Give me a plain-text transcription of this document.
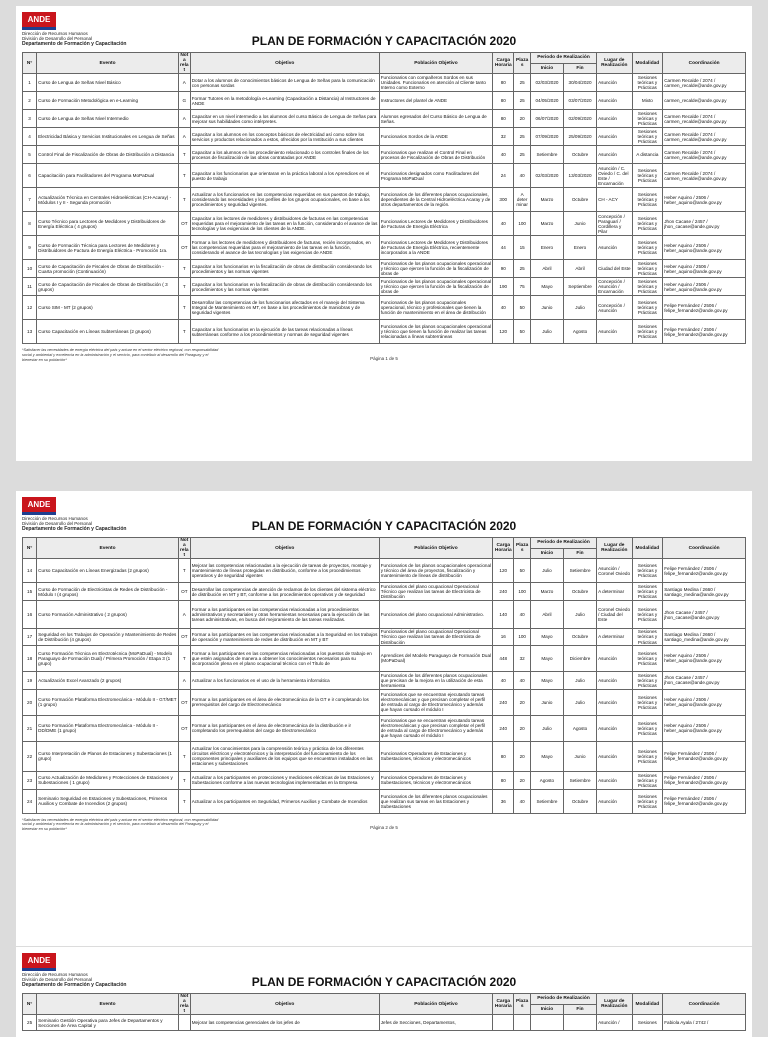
ANDE
Dirección de Recursos Humanos
División de Desarrollo del Personal
Departamento de Formación y Capacitación	PLAN DE FORMACIÓN Y CAPACITACIÓN 2020
N°	Evento	Nota relat	Objetivo	Población Objetivo	Carga Horaria	Plazas	Periodo de Realización		Lugar de Realización	Modalidad	Coordinación
							Inicio	Fin			
1	Curso de Lengua de Señas Nivel Básico	A	Dotar a los alumnos de conocimientos básicos de Lengua de Señas para la comunicación con personas sordas	Funcionarios con compañeros Sordos en sus Unidades. Funcionarios en atención al Cliente tanto Interno como Externo	80	25	02/03/2020	30/04/2020	Asunción	Sesiones teóricas y Prácticas	Carmen Recalde / 2074 / carmen_recalde@ande.gov.py
2	Curso de Formación Metodológica en e-Learning	G	Formar Tutores en la metodología e-Learning (Capacitación a Distancia) al Instructores de ANDE	Instructores del plantel de ANDE	80	25	04/05/2020	03/07/2020	Asunción	Mixto	carmen_recalde@ande.gov.py
3	Curso de Lengua de Señas Nivel Intermedio	A	Capacitar en un nivel intermedio a los alumnos del curso Básico de Lengua de Señas para mejorar sus habilidades como intérpretes.	Alumnos egresados del Curso Básico de Lengua de Señas.	80	20	06/07/2020	02/09/2020	Asunción	Sesiones teóricas y Prácticas	Carmen Recalde / 2074 / carmen_recalde@ande.gov.py
4	Electricidad Básica y Servicios Institucionales en Lengua de Señas	A	Capacitar a los alumnos en los conceptos básicos de electricidad así como sobre los servicios y productos relacionados a estos, ofrecidos por la Institución a sus clientes	Funcionarios Sordos de la ANDE	32	25	07/09/2020	25/09/2020	Asunción	Sesiones teóricas y Prácticas	Carmen Recalde / 2074 / carmen_recalde@ande.gov.py
5	Control Final de Fiscalización de Obras de Distribución a Distancia	T	Capacitar a los alumnos en los procedimiento relacionado o los controles finales de los procesos de fiscalización de las obras contratadas por ANDE	Funcionarios que realizan el Control Final en procesos de Fiscalización de Obras de Distribución	40	25	Setiembre	Octubre	Asunción	A distancia	Carmen Recalde / 2074 / carmen_recalde@ande.gov.py
6	Capacitación para Facilitadores del Programa MoPaDual	T	Capacitar a los funcionarios que orientaran en la práctica laboral a los Aprendices en el puesto de trabajo	Funcionarios designados como Facilitadores del Programa MoPaDual	24	40	02/03/2020	13/03/2020	Asunción / C. Oviedo / C. del Este / Encarnación	Sesiones teóricas y Prácticas	Carmen Recalde / 2074 / carmen_recalde@ande.gov.py
7	Actualización Técnica en Centrales Hidroeléctricas (CH-Acaray) - Módulos I y II - Segunda promoción	T	Actualizar a los funcionarios en las competencias requeridas en sus puestos de trabajo, considerando las necesidades y los perfiles de los grupos ocupacionales, en base a los procedimientos y seguridad vigentes.	Funcionarios de los diferentes planos ocupacionales, dependientes de la Central Hidroeléctrica Acaray y de otros departamentos de la región.	300	A determinar	Marzo	Octubre	CH - ACY	Sesiones teóricas y Prácticas	Heber Aquino / 2506 / heber_aquino@ande.gov.py
8	Curso Técnico para Lectores de Medidores y Distribuidores de Energía Eléctrica ( 4 grupos)	OT	Capacitar a los lectores de medidores y distribuidores de facturas en las competencias requeridas para el mejoramiento de las tareas en la función, considerando el avance de las tecnologías y las exigencias de los clientes de la ANDE.	Funcionarios Lectores de Medidores y Distribuidores de Facturas de Energía Eléctrica	40	100	Marzo	Junio	Concepción / Paraguarí / Cordillera y Pilar	Sesiones teóricas y Prácticas	Jhon Cacase / 2457 / jhon_cacase@ande.gov.py
9	Curso de Formación Técnica para Lectores de Medidores y Distribuidores de Factura de Energía Eléctrica - Promoción 1ra.	OT	Formar a los lectores de medidores y distribuidores de facturas, recién incorporados, en las competencias requeridas para el mejoramiento de las tareas en la función, considerando el avance de las tecnologías y las exigencias de ANDE	Funcionarios Lectores de Medidores y Distribuidores de Facturas de Energía Eléctrica, recientemente incorporados a la ANDE	44	15	Enero	Enero	Asunción	Sesiones teóricas y Prácticas	Heber Aquino / 2506 / heber_aquino@ande.gov.py
10	Curso de Capacitación de Fiscales de Obras de Distribución - Cuarta promoción (Continuación)	T	Capacitar a los funcionarios en la fiscalización de obras de distribución considerando los procedimientos y las normas vigentes	Funcionarios de los planos ocupacionales operacional y técnico que ejercen la función de la fiscalización de obras de	90	25	Abril	Abril	Ciudad del Este	Sesiones teóricas y Prácticas	Heber Aquino / 2506 / heber_aquino@ande.gov.py
11	Curso de Capacitación de Fiscales de Obras de Distribución ( 3 grupos)	T	Capacitar a los funcionarios en la fiscalización de obras de distribución considerando los procedimientos y las normas vigentes	Funcionarios de los planos ocupacionales operacional y técnico que ejercen la función de la fiscalización de obras de	190	75	Mayo	Septiembre	Concepción / Asunción / Encarnación	Sesiones teóricas y Prácticas	Heber Aquino / 2506 / heber_aquino@ande.gov.py
12	Curso SIM - MT (2 grupos)	T	Desarrollar las competencias de los funcionarios afectados en el manejo del Sistema Integral de Mantenimiento en MT, en base a los procedimientos de maniobras y de seguridad vigentes	Funcionarios de los planos ocupacionales operacional, técnico y profesionales que tienen la función de mantenimiento en el área de distribución	40	50	Junio	Julio	Concepción / Asunción	Sesiones teóricas y Prácticas	Felipe Fernández / 2506 / felipe_fernandez@ande.gov.py
13	Curso Capacitación en Líneas Subterráneas (2 grupos)	T	Capacitar a los funcionarios en la ejecución de las tareas relacionadas a líneas subterráneas conforme a los procedimientos y normas de seguridad vigentes	Funcionarios de los planos ocupacionales operacional y técnico que tienen la función de realizar las tareas relacionadas a líneas subterráneas	120	50	Julio	Agosto	Asunción	Sesiones teóricas y Prácticas	Felipe Fernández / 2506 / felipe_fernandez@ande.gov.py
*Satisfacer las necesidades de energía eléctrica del país y actuar en el sector eléctrico regional, con responsabilidad social y ambiental y excelencia en la administración y el servicio, para contribuir al desarrollo del Paraguay y el bienestar en su población*	Página 1 de 5
ANDE
Dirección de Recursos Humanos
División de Desarrollo del Personal
Departamento de Formación y Capacitación	PLAN DE FORMACIÓN Y CAPACITACIÓN 2020
N°	Evento	Nota relat	Objetivo	Población Objetivo	Carga Horaria	Plazas	Periodo de Realización		Lugar de Realización	Modalidad	Coordinación
							Inicio	Fin			
14	Curso Capacitación en Líneas Energizadas (2 grupos)	T	Mejorar las competencias relacionadas a la ejecución de tareas de proyectos, montaje y mantenimiento de líneas protegidas en distribución, conforme a los procedimientos operativos y de seguridad vigentes	Funcionarios de los planos ocupacionales operacional y técnico del área de proyectos, fiscalización y mantenimiento de líneas de distribución	120	50	Julio	Setiembre	Asunción / Coronel Oviedo	Sesiones teóricas y Prácticas	Felipe Fernández / 2506 / felipe_fernandez@ande.gov.py
15	Curso de Formación de Electricistas de Redes de Distribución - Módulo I (4 grupos)	OT	Desarrollar las competencias de atención de reclamos de los clientes del sistema eléctrico de distribución en MT y BT, conforme a los procedimientos operativos y de seguridad	Funcionarios del plano ocupacional Operacional Técnico que realizan las tareas de Electricista de Distribución	240	100	Marzo	Octubre	A determinar	Sesiones teóricas y Prácticas	Santiago Medina / 2660 / santiago_medina@ande.gov.py
16	Curso Formación Administrativo ( 2 grupos)	A	Formar a los participantes en las competencias relacionadas a los procedimientos administrativos y secretariales y otras herramientas necesarias para la ejecución de las tareas administrativas, en busca del mejoramiento de las tareas realizadas.	Funcionarios del plano ocupacional Administrativo.	140	40	Abril	Julio	Coronel Oviedo / Ciudad del Este	Sesiones teóricas y Prácticas	Jhon Cacase / 2457 / jhon_cacase@ande.gov.py
17	Seguridad en los Trabajos de Operación y Mantenimiento de Redes de Distribución (4 grupos)	OT	Formar a los participantes en las competencias relacionadas a la Seguridad en los trabajos de operación y mantenimiento de redes de distribución en MT y BT	Funcionarios del plano ocupacional Operacional Técnico que realizan las tareas de Electricista de Distribución	16	100	Mayo	Octubre	A determinar	Sesiones teóricas y Prácticas	Santiago Medina / 2660 / santiago_medina@ande.gov.py
18	Curso Formación Técnica en Electrotécnica (MoPaDual) - Modelo Paraguayo de Formación Dual) / Primera Promoción / Etapa 3 (1 grupo)	T	Formar a los participantes en las competencias relacionadas a los puestos de trabajo en que estén asignados de manera a obtener los conocimientos necesarios para su incorporación plena en el plano ocupacional técnico con el Título de	Aprendices del Modelo Paraguayo de Formación Dual (MoPaDual)	448	32	Mayo	Diciembre	Asunción	Sesiones teóricas y Prácticas	Heber Aquino / 2506 / heber_aquino@ande.gov.py
19	Actualización Excel Avanzado (2 grupos)	A	Actualizar a los funcionarios en el uso de la herramienta informática	Funcionarios de los diferentes planos ocupacionales que precisan de la mejora en la utilización de esta herramienta	40	40	Mayo	Julio	Asunción	Sesiones teóricas y Prácticas	Jhon Cacase / 2457 / jhon_cacase@ande.gov.py
20	Curso Formación Plataforma Electromecánica - Módulo II - GT/MET (1 grupo)	OT	Formar a los participantes en el área de electromecánica de la GT e ir completando los prerrequisitos del cargo de Electromecánico	Funcionarios que se encuentran ejecutando tareas electromecánicas y que precisan completar el perfil de entrada al cargo de Electromecánico y además que hayan cursado el módulo I	240	20	Junio	Julio	Asunción	Sesiones teóricas y Prácticas	Heber Aquino / 2506 / heber_aquino@ande.gov.py
21	Curso Formación Plataforma Electromecánica - Módulo II - DD/DME (1 grupo)	OT	Formar a los participantes en el área de electromecánica de la distribución e ir completando los prerrequisitos del cargo de Electromecánico	Funcionarios que se encuentran ejecutando tareas electromecánicas y que precisan completar el perfil de entrada al cargo de Electromecánico y además que hayan cursado el módulo I	240	20	Julio	Agosto	Asunción	Sesiones teóricas y Prácticas	Heber Aquino / 2506 / heber_aquino@ande.gov.py
22	Curso Interpretación de Planos de Estaciones y Subestaciones (1 grupo)	T	Actualizar los conocimientos para la comprensión teórica y práctica de los diferentes circuitos eléctricos y electrotécnicos y la interpretación del funcionamiento de los componentes principales y auxiliares de los equipos que se encuentran instalados en las estaciones y subestaciones	Funcionarios Operadores de Estaciones y Subestaciones, técnicos y electromecánicos	80	20	Mayo	Junio	Asunción	Sesiones teóricas y Prácticas	Felipe Fernández / 2506 / felipe_fernandez@ande.gov.py
23	Curso Actualización de Medidores y Protecciones de Estaciones y Subestaciones ( 1 grupo)	T	Actualizar a los participantes en protecciones y mediciones eléctricas de las Estaciones y Subestaciones conforme a las nuevas tecnologías implementadas en la Empresa	Funcionarios Operadores de Estaciones y Subestaciones, técnicos y electromecánicos	80	20	Agosto	Setiembre	Asunción	Sesiones teóricas y Prácticas	Felipe Fernández / 2506 / felipe_fernandez@ande.gov.py
24	Seminario Seguridad en Estaciones y Subestaciones, Primeros Auxilios y Combate de Incendios (2 grupos)	T	Actualizar a los participantes en Seguridad, Primeros Auxilios y Combate de Incendios	Funcionarios de los diferentes planos ocupacionales que realizan sus tareas en las Estaciones y Subestaciones	36	40	Setiembre	Octubre	Asunción	Sesiones teóricas y Prácticas	Felipe Fernández / 2506 / felipe_fernandez@ande.gov.py
*Satisfacer las necesidades de energía eléctrica del país y actuar en el sector eléctrico regional, con responsabilidad social y ambiental y excelencia en la administración y el servicio, para contribuir al desarrollo del Paraguay y el bienestar en su población*	Página 2 de 5
ANDE
Dirección de Recursos Humanos
División de Desarrollo del Personal
Departamento de Formación y Capacitación	PLAN DE FORMACIÓN Y CAPACITACIÓN 2020
N°	Evento	Nota relat	Objetivo	Población Objetivo	Carga Horaria	Plazas	Periodo de Realización		Lugar de Realización	Modalidad	Coordinación
							Inicio	Fin			
25	Seminario Gestión Operativa para Jefes de Departamentos y Secciones de Área Capital y		Mejorar las competencias gerenciales de los jefes de	Jefes de Secciones, Departamentos,					Asunción /	Sesiones	Fabiola Ayala / 2742 /
